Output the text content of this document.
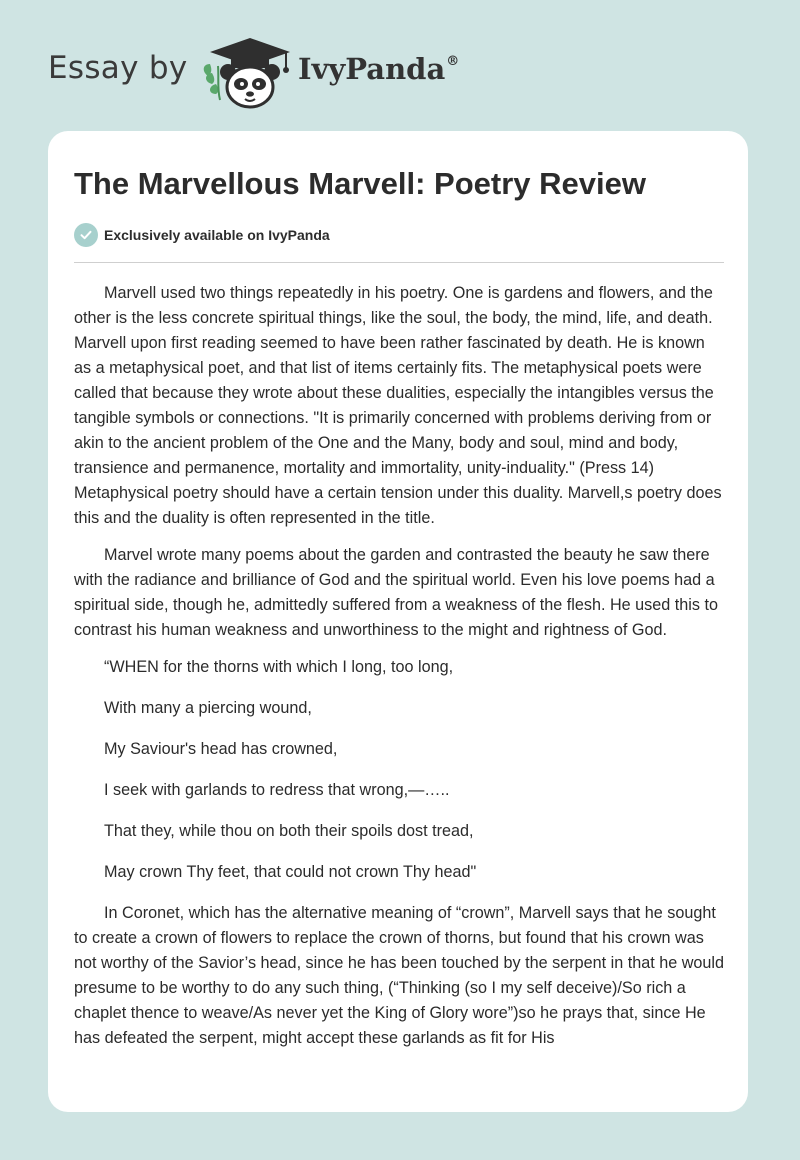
Essay by	IvyPanda®
The Marvellous Marvell: Poetry Review
Exclusively available on IvyPanda

Marvell used two things repeatedly in his poetry. One is gardens and flowers, and the other is the less concrete spiritual things, like the soul, the body, the mind, life, and death. Marvell upon first reading seemed to have been rather fascinated by death. He is known as a metaphysical poet, and that list of items certainly fits. The metaphysical poets were called that because they wrote about these dualities, especially the intangibles versus the tangible symbols or connections. "It is primarily concerned with problems deriving from or akin to the ancient problem of the One and the Many, body and soul, mind and body, transience and permanence, mortality and immortality, unity-induality." (Press 14) Metaphysical poetry should have a certain tension under this duality. Marvell,s poetry does this and the duality is often represented in the title.

Marvel wrote many poems about the garden and contrasted the beauty he saw there with the radiance and brilliance of God and the spiritual world. Even his love poems had a spiritual side, though he, admittedly suffered from a weakness of the flesh. He used this to contrast his human weakness and unworthiness to the might and rightness of God.

“WHEN for the thorns with which I long, too long,

With many a piercing wound,

My Saviour's head has crowned,

I seek with garlands to redress that wrong,—…..

That they, while thou on both their spoils dost tread,

May crown Thy feet, that could not crown Thy head"

In Coronet, which has the alternative meaning of “crown”, Marvell says that he sought to create a crown of flowers to replace the crown of thorns, but found that his crown was not worthy of the Savior’s head, since he has been touched by the serpent in that he would presume to be worthy to do any such thing, (“Thinking (so I my self deceive)/So rich a chaplet thence to weave/As never yet the King of Glory wore”)so he prays that, since He has defeated the serpent, might accept these garlands as fit for His
